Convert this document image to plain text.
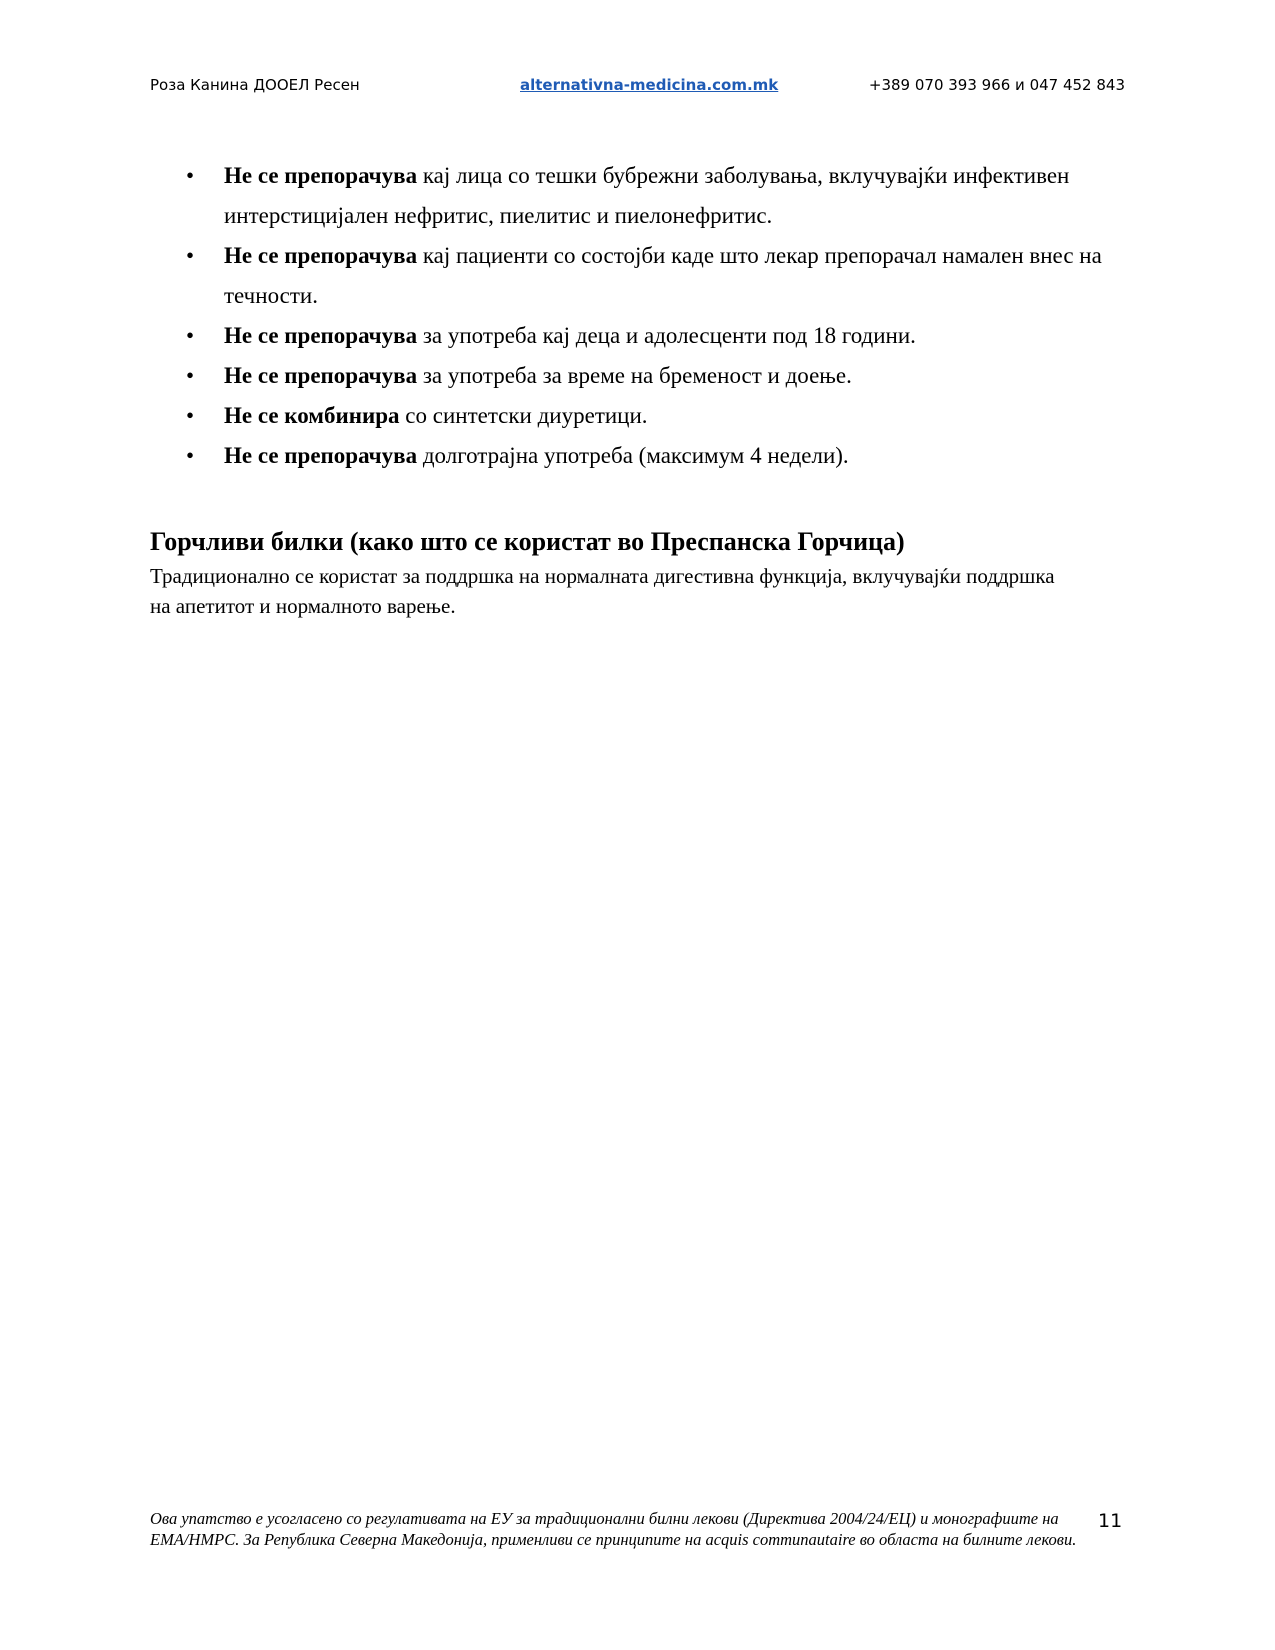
Роза Канина ДООЕЛ Ресен	alternativna-medicina.com.mk	+389 070 393 966 и 047 452 843
• Не се препорачува кај лица со тешки бубрежни заболувања, вклучувајќи инфективен интерстицијален нефритис, пиелитис и пиелонефритис.
• Не се препорачува кај пациенти со состојби каде што лекар препорачал намален внес на течности.
• Не се препорачува за употреба кај деца и адолесценти под 18 години.
• Не се препорачува за употреба за време на бременост и доење.
• Не се комбинира со синтетски диуретици.
• Не се препорачува долготрајна употреба (максимум 4 недели).
Горчливи билки (како што се користат во Преспанска Горчица)

Традиционално се користат за поддршка на нормалната дигестивна функција, вклучувајќи поддршка на апетитот и нормалното варење.

Ова упатство е усогласено со регулативата на ЕУ за традиционални билни лекови (Директива 2004/24/ЕЦ) и монографиите на EMA/HMPC. За Република Северна Македонија, применливи се принципите на acquis communautaire во областа на билните лекови.

11
